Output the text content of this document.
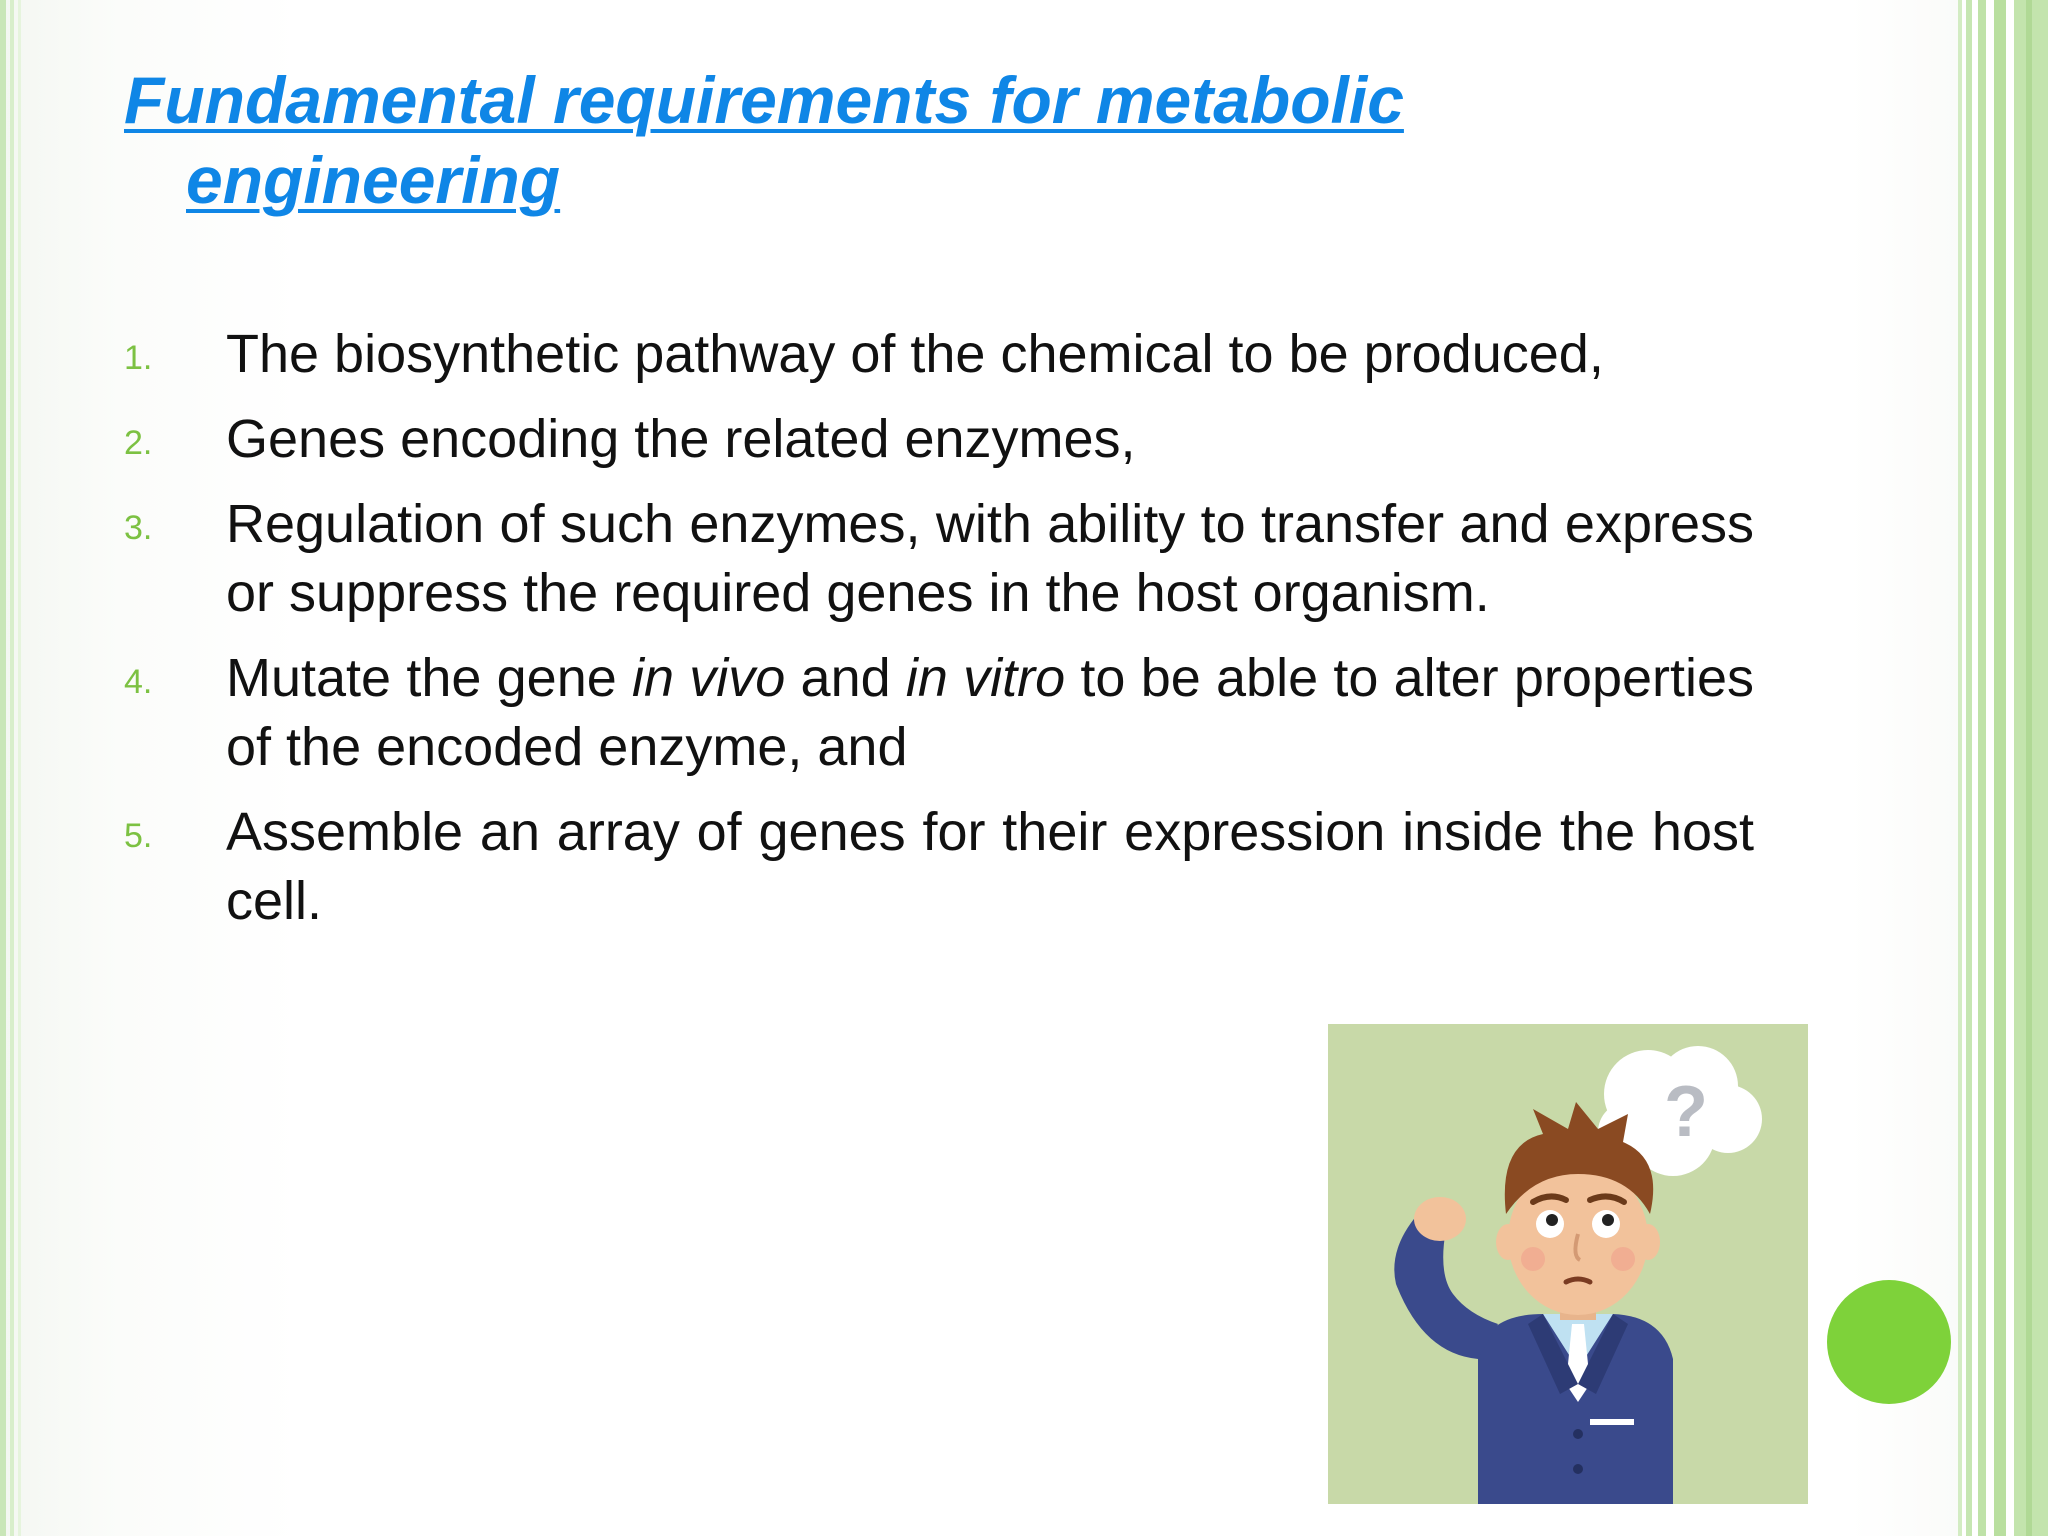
Fundamental requirements for metabolic
engineering
1. The biosynthetic pathway of the chemical to be produced,
2. Genes encoding the related enzymes,
3. Regulation of such enzymes, with ability to transfer and express or suppress the required genes in the host organism.
4. Mutate the gene in vivo and in vitro to be able to alter properties of the encoded enzyme, and
5. Assemble an array of genes for their expression inside the host cell.
?
